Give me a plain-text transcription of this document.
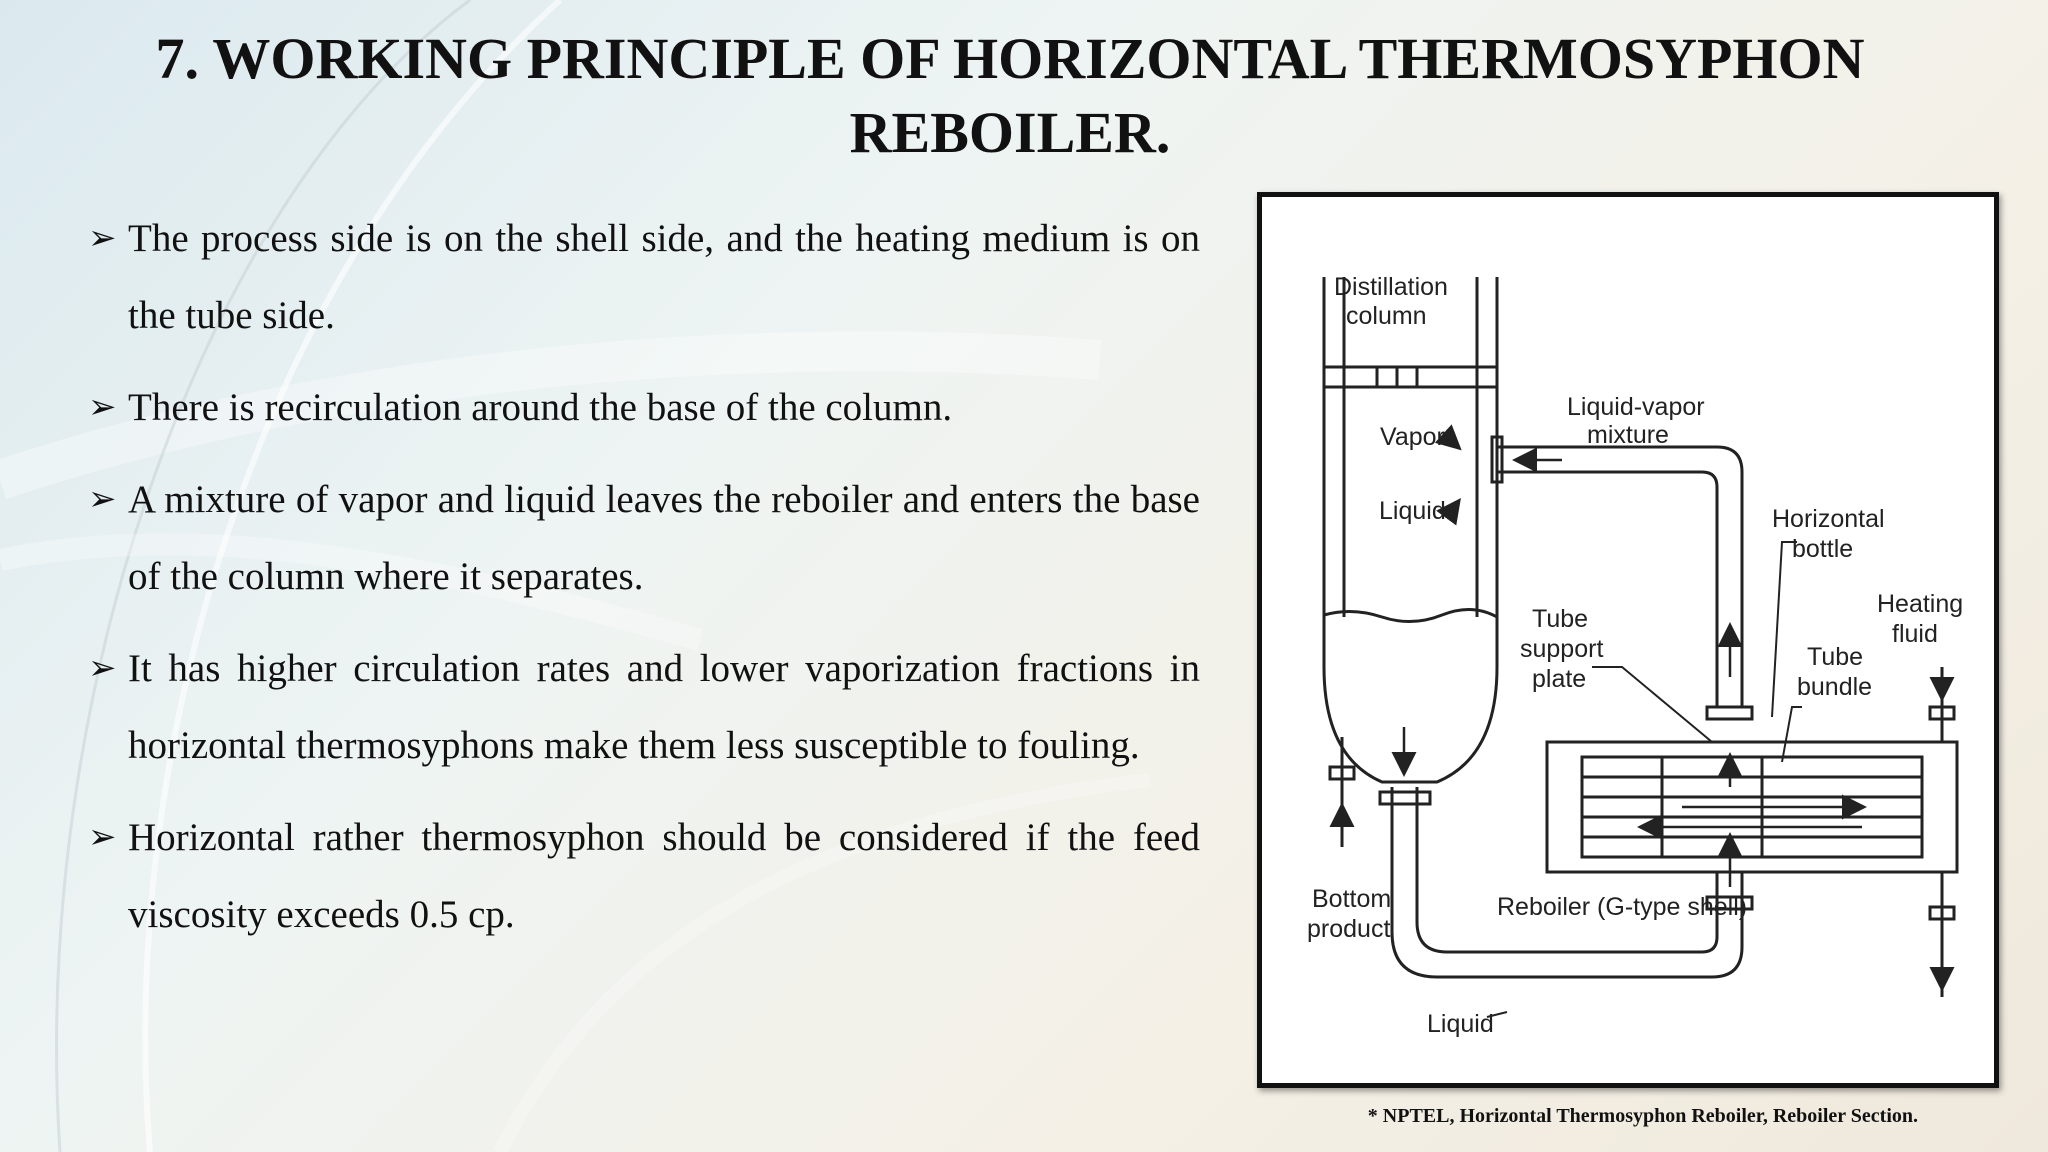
7. WORKING PRINCIPLE OF HORIZONTAL THERMOSYPHON REBOILER.
➢ The process side is on the shell side, and the heating medium is on the tube side.
➢ There is recirculation around the base of the column.
➢ A mixture of vapor and liquid leaves the reboiler and enters the base of the column where it separates.
➢ It has higher circulation rates and lower vaporization fractions in horizontal thermosyphons make them less susceptible to fouling.
➢ Horizontal rather thermosyphon should be considered if the feed viscosity exceeds 0.5 cp.
Distillation
column
Liquid-vapor
mixture
Vapor
Liquid	Horizontal
bottle
Heating
fluid
Tube
support
plate
Tube
bundle
Bottom
product
Reboiler (G-type shell)
Liquid
* NPTEL, Horizontal Thermosyphon Reboiler, Reboiler Section.
